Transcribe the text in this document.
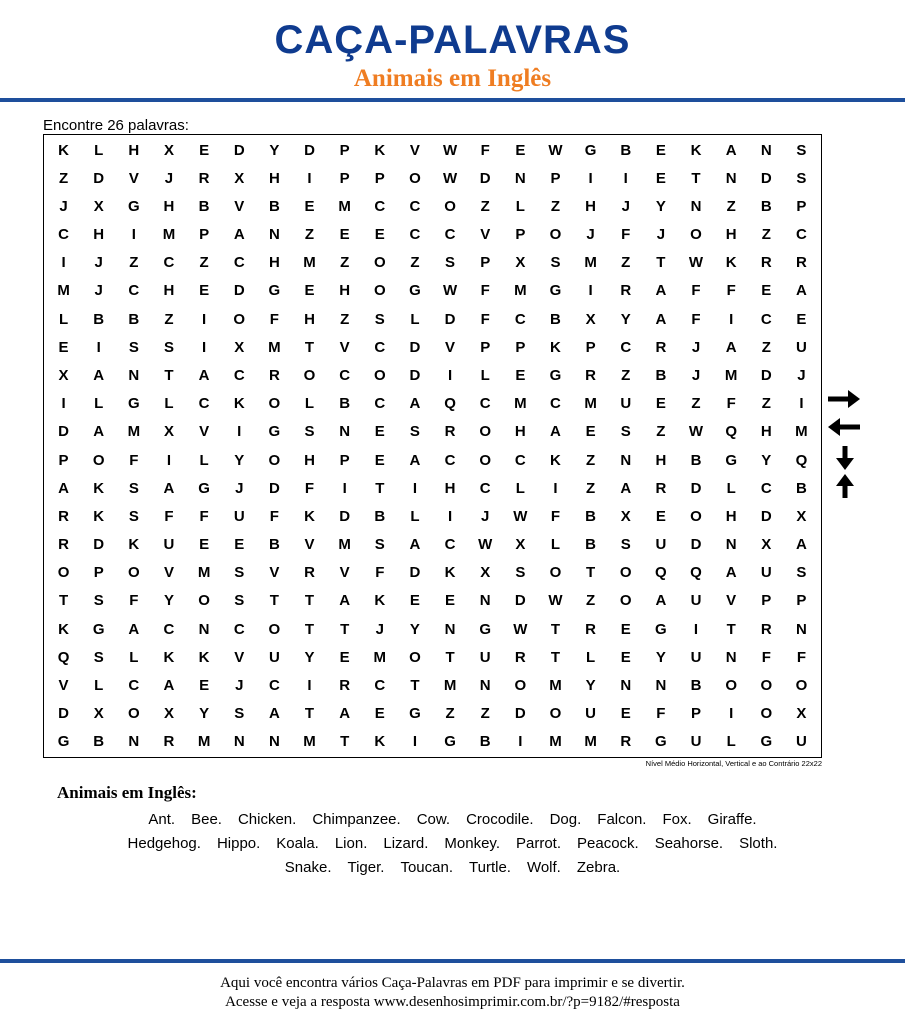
CAÇA-PALAVRAS
Animais em Inglês
Encontre 26 palavras:
K	L	H	X	E	D	Y	D	P	K	V	W	F	E	W	G	B	E	K	A	N	S
Z	D	V	J	R	X	H	I	P	P	O	W	D	N	P	I	I	E	T	N	D	S
J	X	G	H	B	V	B	E	M	C	C	O	Z	L	Z	H	J	Y	N	Z	B	P
C	H	I	M	P	A	N	Z	E	E	C	C	V	P	O	J	F	J	O	H	Z	C
I	J	Z	C	Z	C	H	M	Z	O	Z	S	P	X	S	M	Z	T	W	K	R	R
M	J	C	H	E	D	G	E	H	O	G	W	F	M	G	I	R	A	F	F	E	A
L	B	B	Z	I	O	F	H	Z	S	L	D	F	C	B	X	Y	A	F	I	C	E
E	I	S	S	I	X	M	T	V	C	D	V	P	P	K	P	C	R	J	A	Z	U
X	A	N	T	A	C	R	O	C	O	D	I	L	E	G	R	Z	B	J	M	D	J
I	L	G	L	C	K	O	L	B	C	A	Q	C	M	C	M	U	E	Z	F	Z	I
D	A	M	X	V	I	G	S	N	E	S	R	O	H	A	E	S	Z	W	Q	H	M
P	O	F	I	L	Y	O	H	P	E	A	C	O	C	K	Z	N	H	B	G	Y	Q
A	K	S	A	G	J	D	F	I	T	I	H	C	L	I	Z	A	R	D	L	C	B
R	K	S	F	F	U	F	K	D	B	L	I	J	W	F	B	X	E	O	H	D	X
R	D	K	U	E	E	B	V	M	S	A	C	W	X	L	B	S	U	D	N	X	A
O	P	O	V	M	S	V	R	V	F	D	K	X	S	O	T	O	Q	Q	A	U	S
T	S	F	Y	O	S	T	T	A	K	E	E	N	D	W	Z	O	A	U	V	P	P
K	G	A	C	N	C	O	T	T	J	Y	N	G	W	T	R	E	G	I	T	R	N
Q	S	L	K	K	V	U	Y	E	M	O	T	U	R	T	L	E	Y	U	N	F	F
V	L	C	A	E	J	C	I	R	C	T	M	N	O	M	Y	N	N	B	O	O	O
D	X	O	X	Y	S	A	T	A	E	G	Z	Z	D	O	U	E	F	P	I	O	X
G	B	N	R	M	N	N	M	T	K	I	G	B	I	M	M	R	G	U	L	G	U
Nível Médio Horizontal, Vertical e ao Contrário 22x22
Animais em Inglês:
Ant. Bee. Chicken. Chimpanzee. Cow. Crocodile. Dog. Falcon. Fox. Giraffe.
Hedgehog. Hippo. Koala. Lion. Lizard. Monkey. Parrot. Peacock. Seahorse. Sloth.
Snake. Tiger. Toucan. Turtle. Wolf. Zebra.
Aqui você encontra vários Caça-Palavras em PDF para imprimir e se divertir.
Acesse e veja a resposta www.desenhosimprimir.com.br/?p=9182/#resposta
